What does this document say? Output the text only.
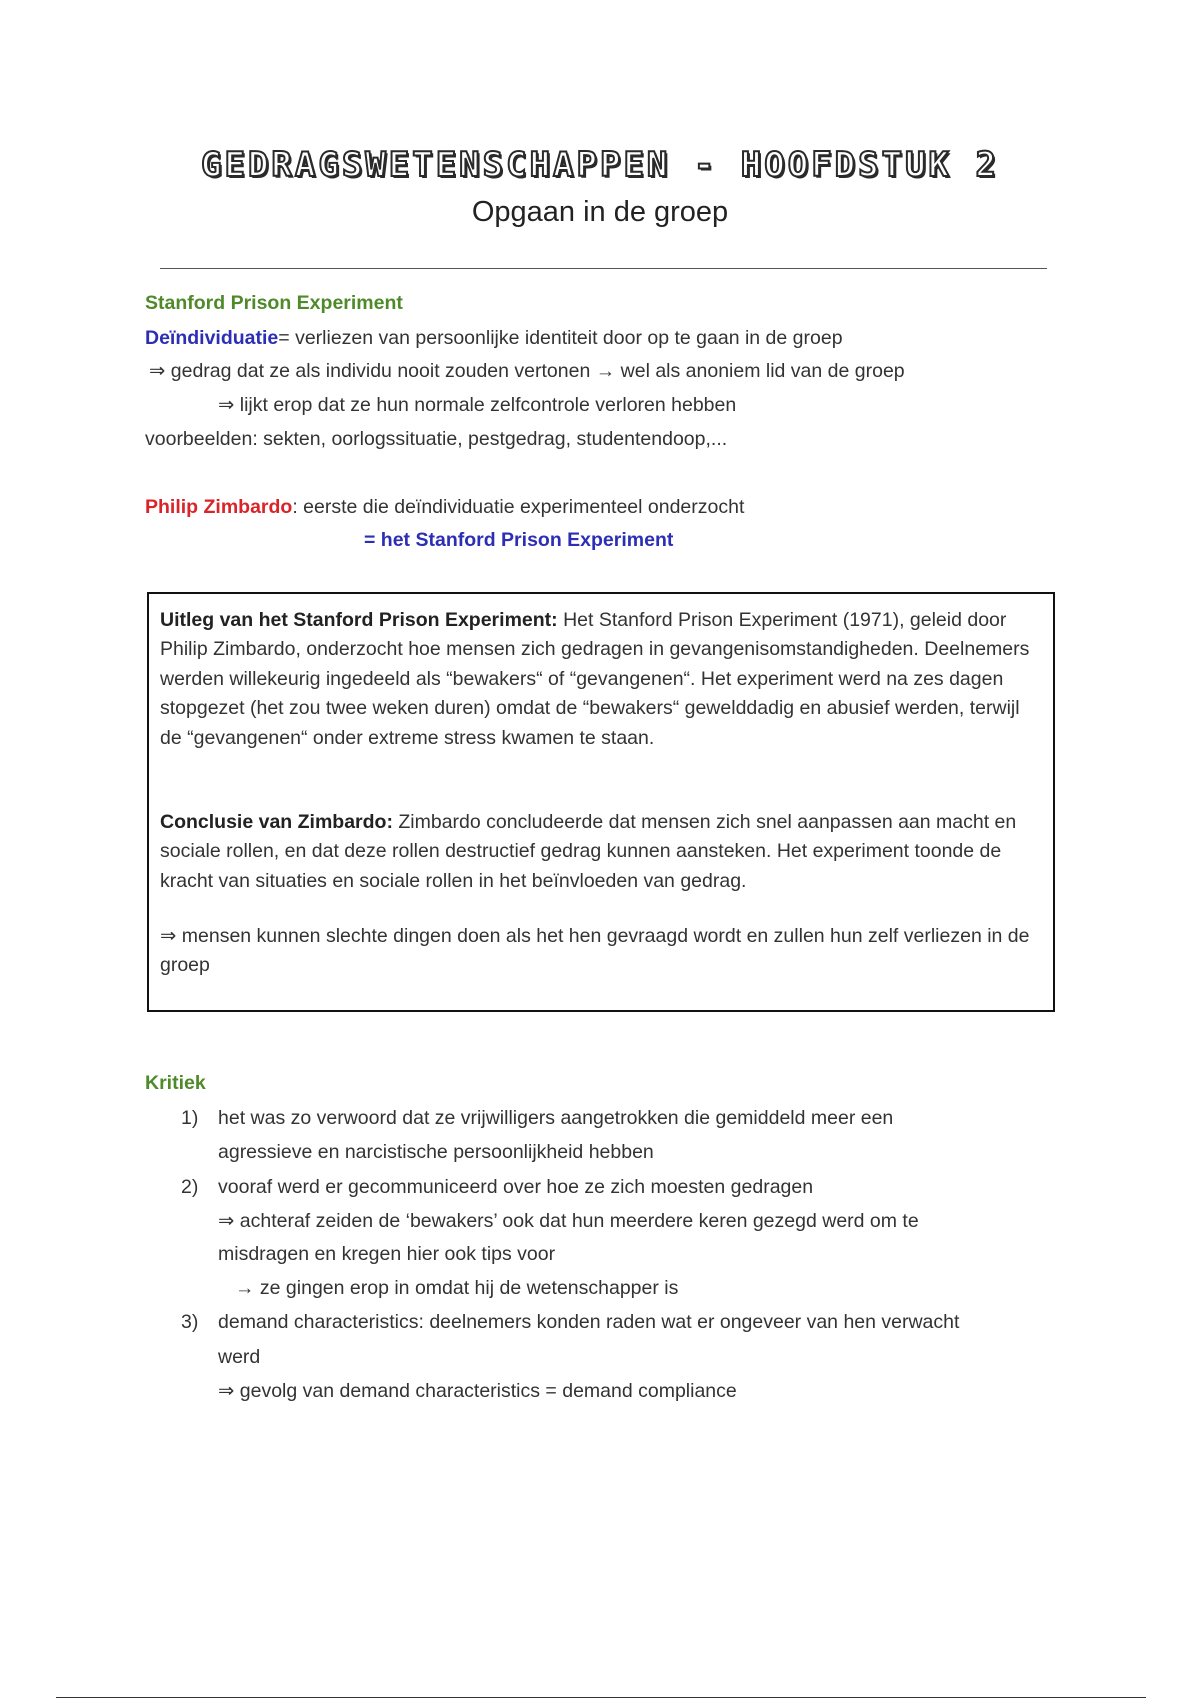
GEDRAGSWETENSCHAPPEN - HOOFDSTUK 2
Opgaan in de groep
Stanford Prison Experiment
Deïndividuatie= verliezen van persoonlijke identiteit door op te gaan in de groep
⇒ gedrag dat ze als individu nooit zouden vertonen → wel als anoniem lid van de groep
⇒ lijkt erop dat ze hun normale zelfcontrole verloren hebben
voorbeelden: sekten, oorlogssituatie, pestgedrag, studentendoop,...
Philip Zimbardo: eerste die deïndividuatie experimenteel onderzocht
= het Stanford Prison Experiment
Uitleg van het Stanford Prison Experiment: Het Stanford Prison Experiment (1971), geleid door Philip Zimbardo, onderzocht hoe mensen zich gedragen in gevangenisomstandigheden. Deelnemers werden willekeurig ingedeeld als “bewakers“ of “gevangenen“. Het experiment werd na zes dagen stopgezet (het zou twee weken duren) omdat de “bewakers“ gewelddadig en abusief werden, terwijl de “gevangenen“ onder extreme stress kwamen te staan.
Conclusie van Zimbardo: Zimbardo concludeerde dat mensen zich snel aanpassen aan macht en sociale rollen, en dat deze rollen destructief gedrag kunnen aansteken. Het experiment toonde de kracht van situaties en sociale rollen in het beïnvloeden van gedrag.
⇒ mensen kunnen slechte dingen doen als het hen gevraagd wordt en zullen hun zelf verliezen in de groep
Kritiek
1) het was zo verwoord dat ze vrijwilligers aangetrokken die gemiddeld meer een
agressieve en narcistische persoonlijkheid hebben
2) vooraf werd er gecommuniceerd over hoe ze zich moesten gedragen
⇒ achteraf zeiden de ‘bewakers’ ook dat hun meerdere keren gezegd werd om te
misdragen en kregen hier ook tips voor
→ ze gingen erop in omdat hij de wetenschapper is
3) demand characteristics: deelnemers konden raden wat er ongeveer van hen verwacht
werd
⇒ gevolg van demand characteristics = demand compliance
